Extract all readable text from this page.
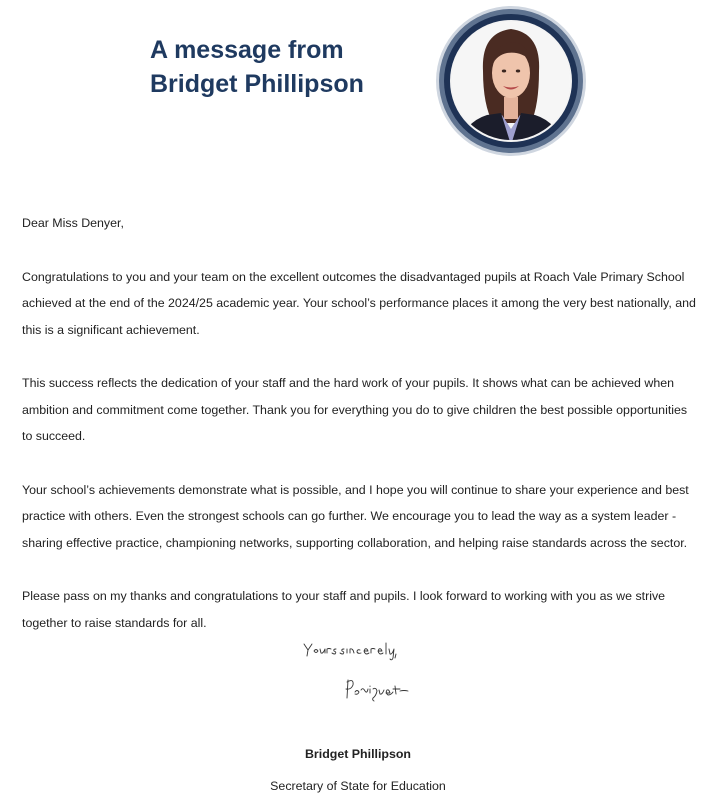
A message from
Bridget Phillipson

Dear Miss Denyer,

Congratulations to you and your team on the excellent outcomes the disadvantaged pupils at Roach Vale Primary School achieved at the end of the 2024/25 academic year. Your school’s performance places it among the very best nationally, and this is a significant achievement.

This success reflects the dedication of your staff and the hard work of your pupils. It shows what can be achieved when ambition and commitment come together. Thank you for everything you do to give children the best possible opportunities to succeed.

Your school’s achievements demonstrate what is possible, and I hope you will continue to share your experience and best practice with others. Even the strongest schools can go further. We encourage you to lead the way as a system leader - sharing effective practice, championing networks, supporting collaboration, and helping raise standards across the sector.

Please pass on my thanks and congratulations to your staff and pupils. I look forward to working with you as we strive together to raise standards for all.

Bridget Phillipson
Secretary of State for Education
